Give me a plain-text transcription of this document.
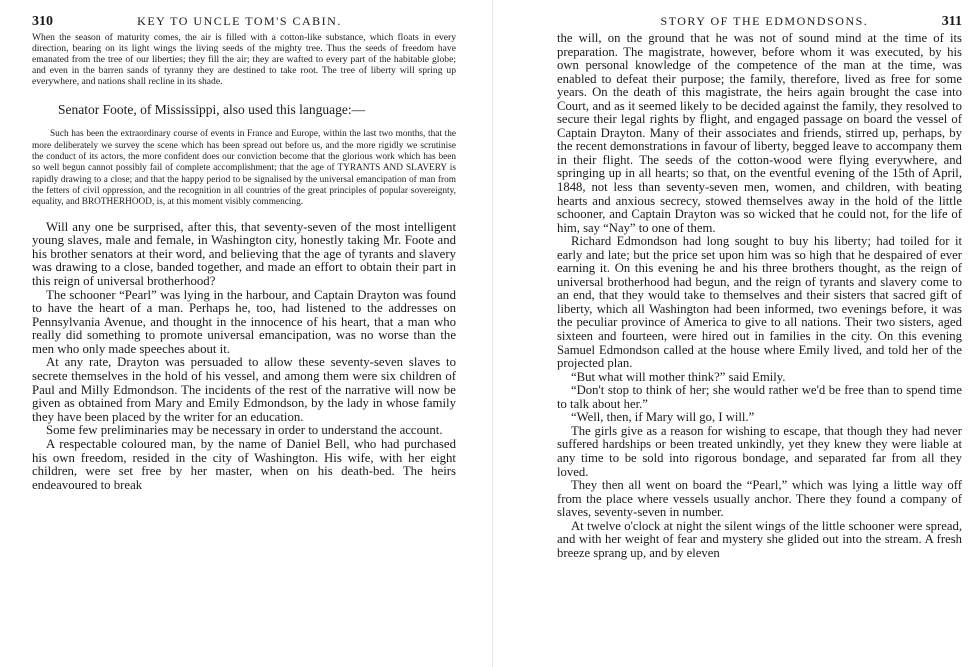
310	KEY TO UNCLE TOM'S CABIN.

When the season of maturity comes, the air is filled with a cotton-like substance, which floats in every direction, bearing on its light wings the living seeds of the mighty tree. Thus the seeds of freedom have emanated from the tree of our liberties; they fill the air; they are wafted to every part of the habitable globe; and even in the barren sands of tyranny they are destined to take root. The tree of liberty will spring up everywhere, and nations shall recline in its shade.

Senator Foote, of Mississippi, also used this language:—

Such has been the extraordinary course of events in France and Europe, within the last two months, that the more deliberately we survey the scene which has been spread out before us, and the more rigidly we scrutinise the conduct of its actors, the more confident does our conviction become that the glorious work which has been so well begun cannot possibly fail of complete accomplishment; that the age of TYRANTS AND SLAVERY is rapidly drawing to a close; and that the happy period to be signalised by the universal emancipation of man from the fetters of civil oppression, and the recognition in all countries of the great principles of popular sovereignty, equality, and BROTHERHOOD, is, at this moment visibly commencing.

Will any one be surprised, after this, that seventy-seven of the most intelligent young slaves, male and female, in Washington city, honestly taking Mr. Foote and his brother senators at their word, and believing that the age of tyrants and slavery was drawing to a close, banded together, and made an effort to obtain their part in this reign of universal brotherhood?

The schooner “Pearl” was lying in the harbour, and Captain Drayton was found to have the heart of a man. Perhaps he, too, had listened to the addresses on Pennsylvania Avenue, and thought in the innocence of his heart, that a man who really did something to promote universal emancipation, was no worse than the men who only made speeches about it.

At any rate, Drayton was persuaded to allow these seventy-seven slaves to secrete themselves in the hold of his vessel, and among them were six children of Paul and Milly Edmondson. The incidents of the rest of the narrative will now be given as obtained from Mary and Emily Edmondson, by the lady in whose family they have been placed by the writer for an education.

Some few preliminaries may be necessary in order to understand the account.

A respectable coloured man, by the name of Daniel Bell, who had purchased his own freedom, resided in the city of Washington. His wife, with her eight children, were set free by her master, when on his death-bed. The heirs endeavoured to break

STORY OF THE EDMONDSONS.	311

the will, on the ground that he was not of sound mind at the time of its preparation. The magistrate, however, before whom it was executed, by his own personal knowledge of the competence of the man at the time, was enabled to defeat their purpose; the family, therefore, lived as free for some years. On the death of this magistrate, the heirs again brought the case into Court, and as it seemed likely to be decided against the family, they resolved to secure their legal rights by flight, and engaged passage on board the vessel of Captain Drayton. Many of their associates and friends, stirred up, perhaps, by the recent demonstrations in favour of liberty, begged leave to accompany them in their flight. The seeds of the cotton-wood were flying everywhere, and springing up in all hearts; so that, on the eventful evening of the 15th of April, 1848, not less than seventy-seven men, women, and children, with beating hearts and anxious secrecy, stowed themselves away in the hold of the little schooner, and Captain Drayton was so wicked that he could not, for the life of him, say “Nay” to one of them.

Richard Edmondson had long sought to buy his liberty; had toiled for it early and late; but the price set upon him was so high that he despaired of ever earning it. On this evening he and his three brothers thought, as the reign of universal brotherhood had begun, and the reign of tyrants and slavery come to an end, that they would take to themselves and their sisters that sacred gift of liberty, which all Washington had been informed, two evenings before, it was the peculiar province of America to give to all nations. Their two sisters, aged sixteen and fourteen, were hired out in families in the city. On this evening Samuel Edmondson called at the house where Emily lived, and told her of the projected plan.

“But what will mother think?” said Emily.

“Don't stop to think of her; she would rather we'd be free than to spend time to talk about her.”

“Well, then, if Mary will go, I will.”

The girls give as a reason for wishing to escape, that though they had never suffered hardships or been treated unkindly, yet they knew they were liable at any time to be sold into rigorous bondage, and separated far from all they loved.

They then all went on board the “Pearl,” which was lying a little way off from the place where vessels usually anchor. There they found a company of slaves, seventy-seven in number.

At twelve o'clock at night the silent wings of the little schooner were spread, and with her weight of fear and mystery she glided out into the stream. A fresh breeze sprang up, and by eleven
